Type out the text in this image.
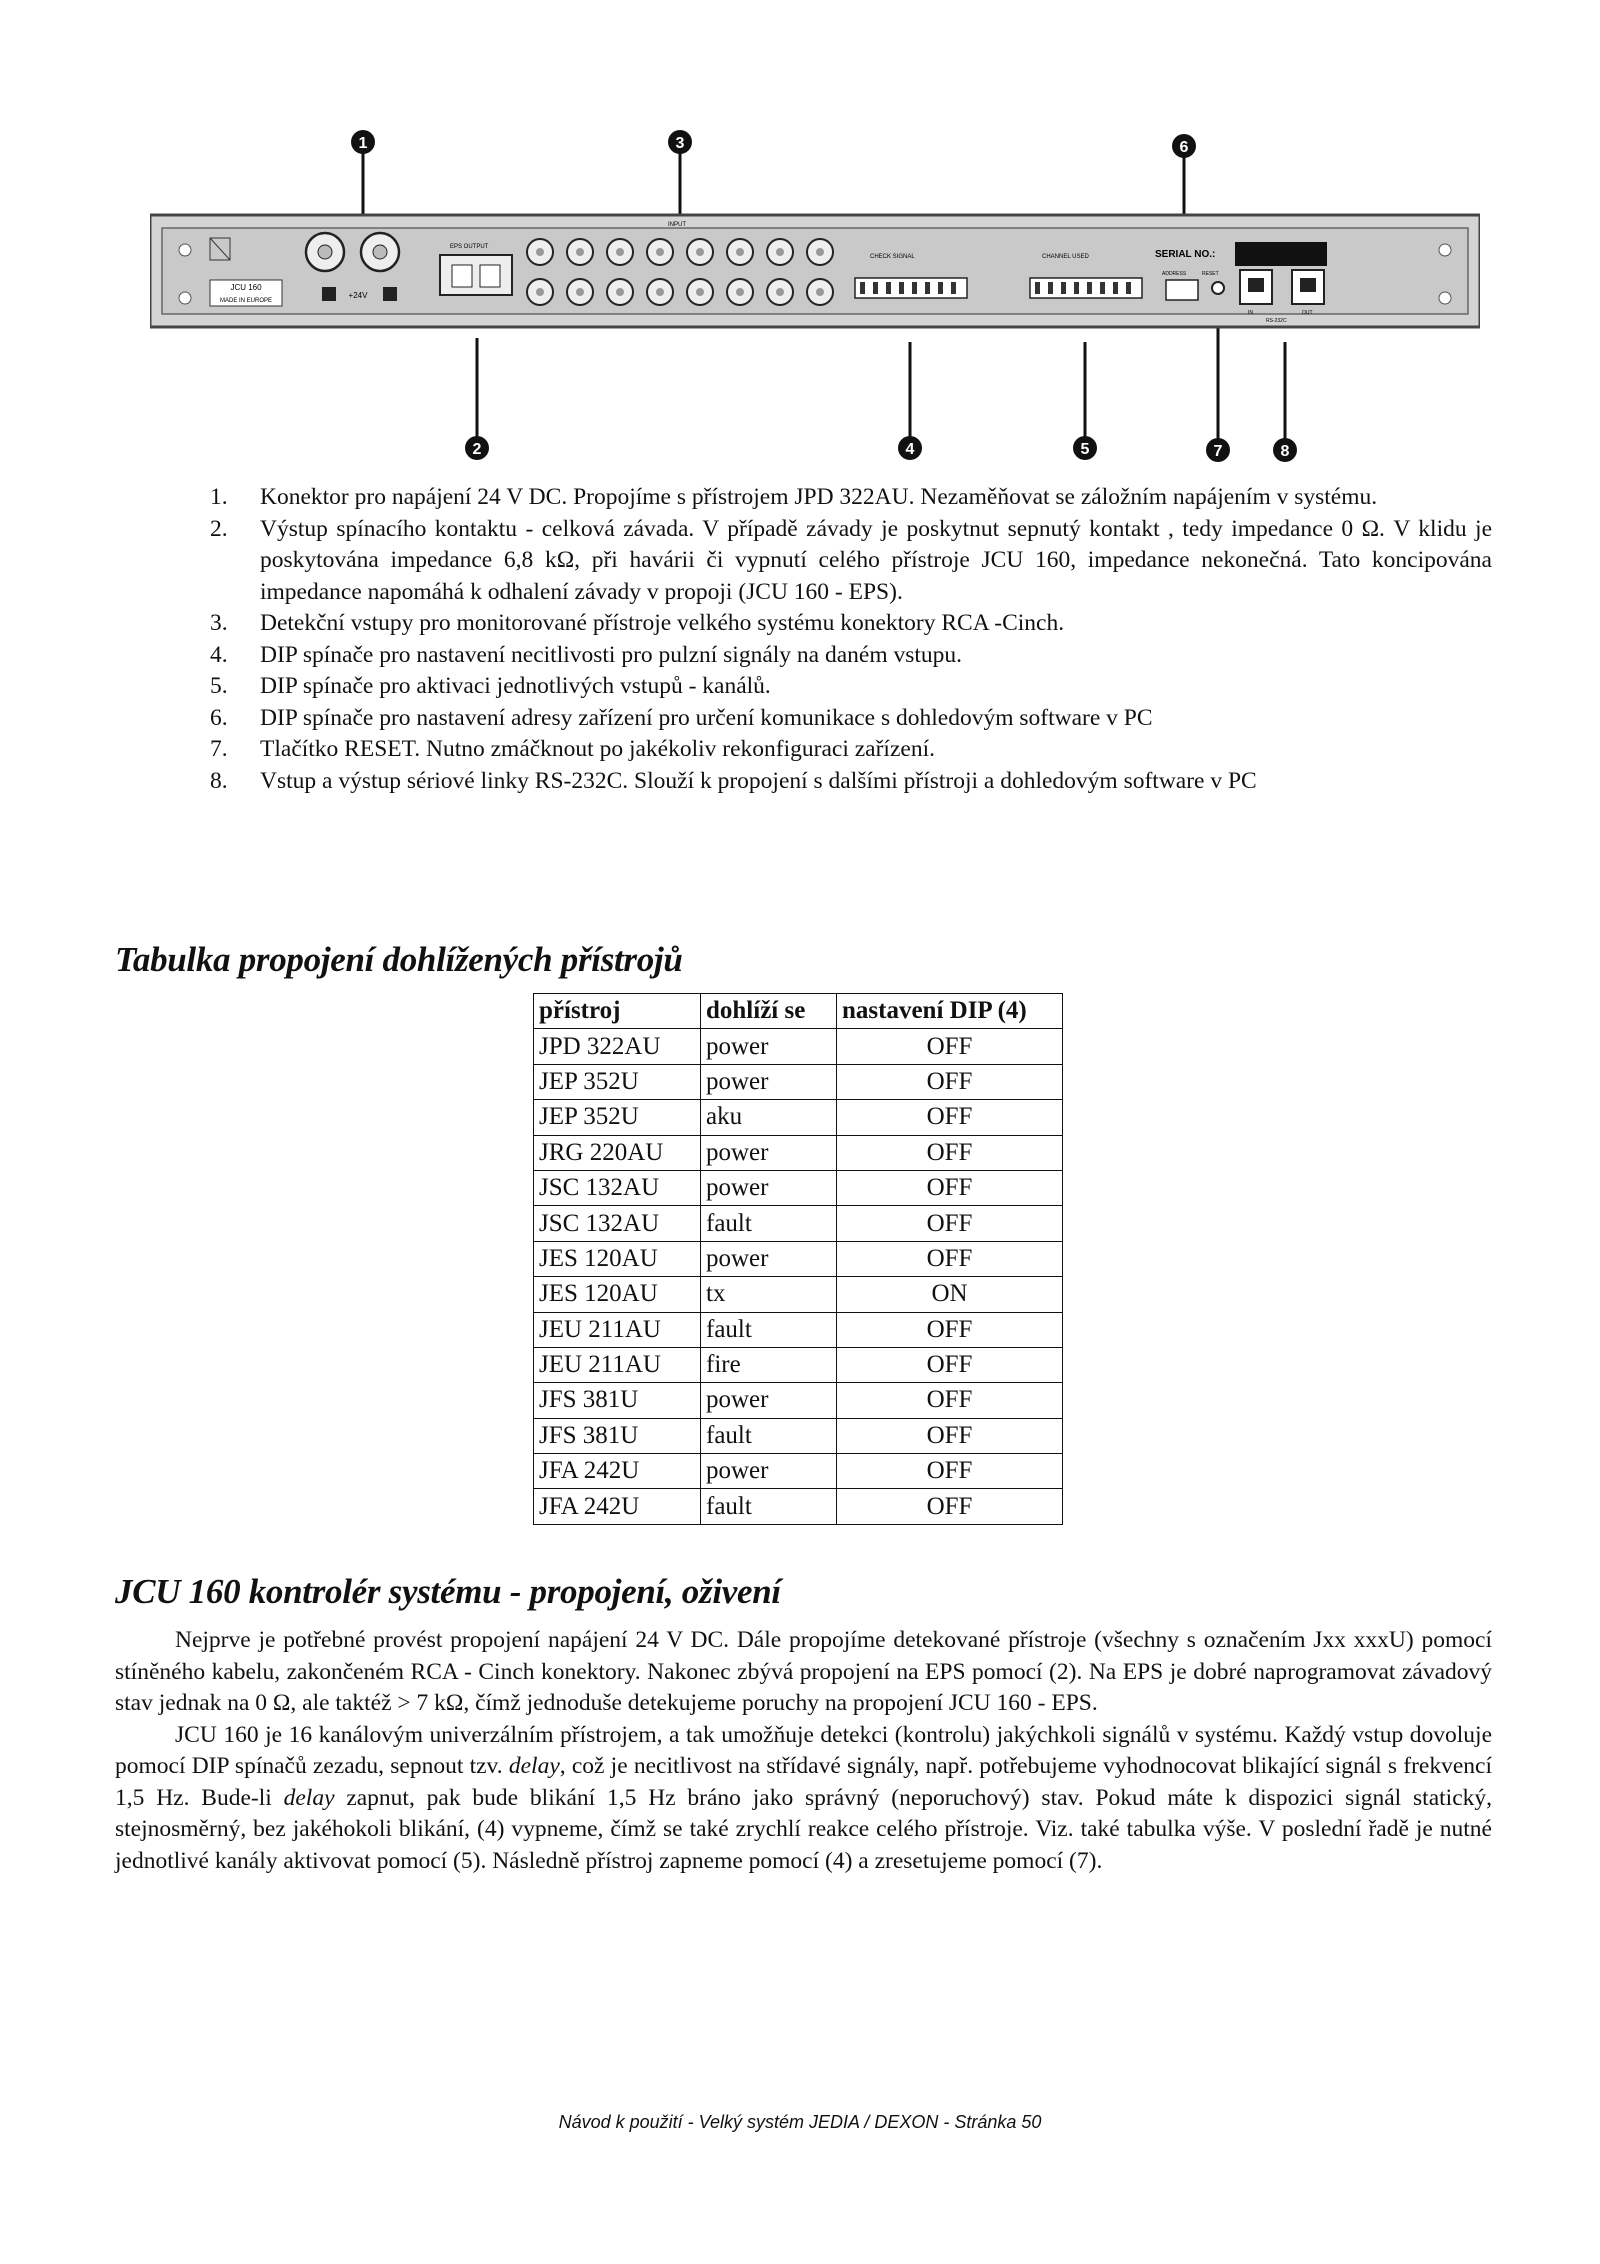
JCU 160
MADE IN EUROPE
+24V
EPS OUTPUT
INPUT
CHECK SIGNAL	CHANNEL USED	SERIAL NO.:
ADDRESS	RESET
IN	OUT
RS-232C
1	3	6
2	4	5	7	8
1. Konektor pro napájení 24 V DC. Propojíme s přístrojem JPD 322AU. Nezaměňovat se záložním napájením v systému.
2. Výstup spínacího kontaktu - celková závada. V případě závady je poskytnut sepnutý kontakt , tedy impedance 0 Ω. V klidu je poskytována impedance 6,8 kΩ, při havárii či vypnutí celého přístroje JCU 160, impedance nekonečná. Tato koncipována impedance napomáhá k odhalení závady v propoji (JCU 160 - EPS).
3. Detekční vstupy pro monitorované přístroje velkého systému konektory RCA -Cinch.
4. DIP spínače pro nastavení necitlivosti pro pulzní signály na daném vstupu.
5. DIP spínače pro aktivaci jednotlivých vstupů - kanálů.
6. DIP spínače pro nastavení adresy zařízení pro určení komunikace s dohledovým software v PC
7. Tlačítko RESET. Nutno zmáčknout po jakékoliv rekonfiguraci zařízení.
8. Vstup a výstup sériové linky RS-232C. Slouží k propojení s dalšími přístroji a dohledovým software v PC
Tabulka propojení dohlížených přístrojů
přístroj	dohlíží se	nastavení DIP (4)
JPD 322AU	power	OFF
JEP 352U	power	OFF
JEP 352U	aku	OFF
JRG 220AU	power	OFF
JSC 132AU	power	OFF
JSC 132AU	fault	OFF
JES 120AU	power	OFF
JES 120AU	tx	ON
JEU 211AU	fault	OFF
JEU 211AU	fire	OFF
JFS 381U	power	OFF
JFS 381U	fault	OFF
JFA 242U	power	OFF
JFA 242U	fault	OFF
JCU 160 kontrolér systému - propojení, oživení

Nejprve je potřebné provést propojení napájení 24 V DC. Dále propojíme detekované přístroje (všechny s označením Jxx xxxU) pomocí stíněného kabelu, zakončeném RCA - Cinch konektory. Nakonec zbývá propojení na EPS pomocí (2). Na EPS je dobré naprogramovat závadový stav jednak na 0 Ω, ale taktéž > 7 kΩ, čímž jednoduše detekujeme poruchy na propojení JCU 160 - EPS.

JCU 160 je 16 kanálovým univerzálním přístrojem, a tak umožňuje detekci (kontrolu) jakýchkoli signálů v systému. Každý vstup dovoluje pomocí DIP spínačů zezadu, sepnout tzv. delay, což je necitlivost na střídavé signály, např. potřebujeme vyhodnocovat blikající signál s frekvencí 1,5 Hz. Bude-li delay zapnut, pak bude blikání 1,5 Hz bráno jako správný (neporuchový) stav. Pokud máte k dispozici signál statický, stejnosměrný, bez jakéhokoli blikání, (4) vypneme, čímž se také zrychlí reakce celého přístroje. Viz. také tabulka výše. V poslední řadě je nutné jednotlivé kanály aktivovat pomocí (5). Následně přístroj zapneme pomocí (4) a zresetujeme pomocí (7).

Návod k použití - Velký systém JEDIA / DEXON - Stránka 50
